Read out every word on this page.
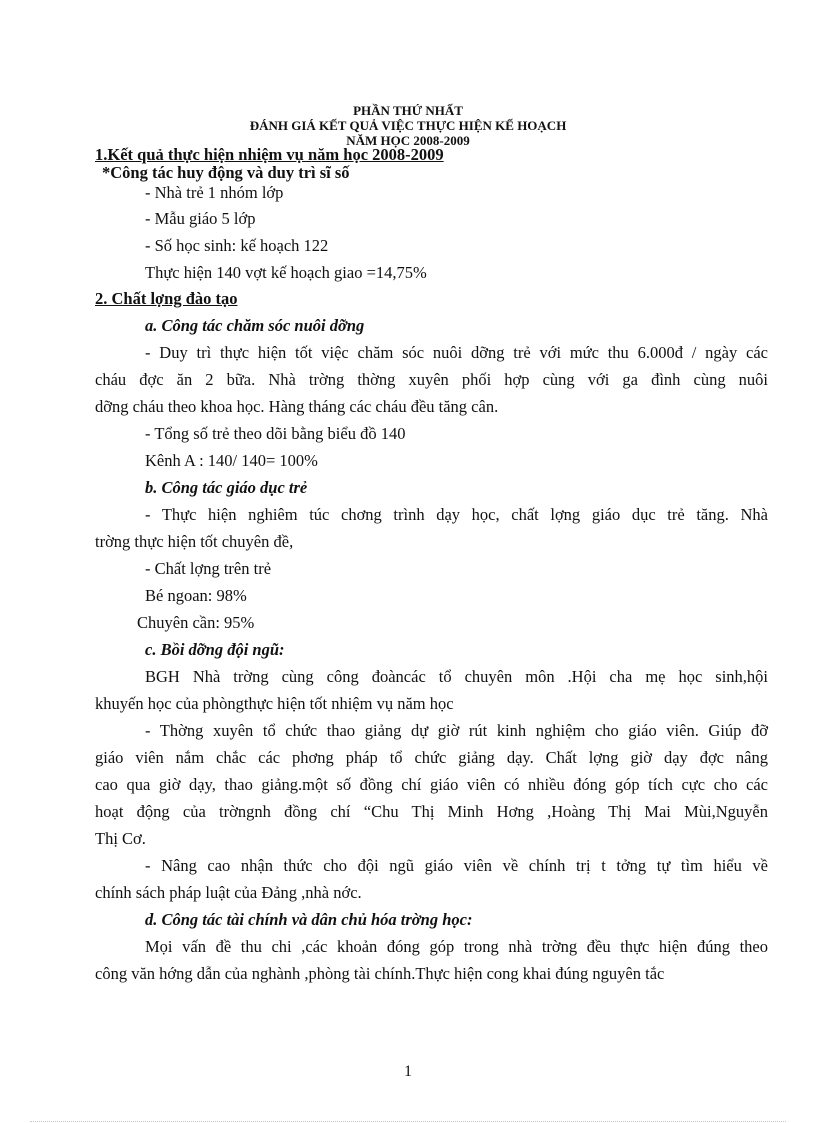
PHẦN THỨ NHẤT
ĐÁNH GIÁ KẾT QUẢ VIỆC THỰC HIỆN KẾ HOẠCH
NĂM HỌC 2008-2009
1.Kết quả thực hiện nhiệm vụ năm học 2008-2009
*Công tác huy động và duy trì sĩ số
- Nhà trẻ 1 nhóm lớp
- Mẫu giáo 5 lớp
- Số học sinh: kế hoạch 122
Thực hiện 140 vợt kế hoạch giao =14,75%
2. Chất lợng đào tạo
a. Công tác chăm sóc nuôi dỡng
- Duy trì thực hiện tốt việc chăm sóc nuôi dỡng trẻ với mức thu 6.000đ / ngày các
cháu đợc ăn 2 bữa. Nhà trờng thờng xuyên phối hợp cùng với ga đình cùng nuôi
dỡng cháu theo khoa học. Hàng tháng các cháu đều tăng cân.
- Tổng số trẻ theo dõi bằng biểu đồ 140
Kênh A : 140/ 140= 100%
b. Công tác giáo dục trẻ
- Thực hiện nghiêm túc chơng trình dạy học, chất lợng giáo dục trẻ tăng. Nhà
trờng thực hiện tốt chuyên đề,
- Chất lợng trên trẻ
Bé ngoan: 98%
Chuyên cần: 95%
c. Bồi dỡng đội ngũ:
BGH Nhà trờng cùng công đoàncác tổ chuyên môn .Hội cha mẹ học sinh,hội
khuyến học của phòngthực hiện tốt nhiệm vụ năm học
- Thờng xuyên tổ chức thao giảng dự giờ rút kinh nghiệm cho giáo viên. Giúp đỡ
giáo viên nắm chắc các phơng pháp tổ chức giảng dạy. Chất lợng giờ dạy đợc nâng
cao qua giờ dạy, thao giảng.một số đồng chí giáo viên có nhiều đóng góp tích cực cho các
hoạt động của trờngnh đồng chí “Chu Thị Minh Hơng ,Hoàng Thị Mai Mùi,Nguyễn
Thị Cơ.
- Nâng cao nhận thức cho đội ngũ giáo viên về chính trị t tởng tự tìm hiểu về
chính sách pháp luật của Đảng ,nhà nớc.
d. Công tác tài chính và dân chủ hóa trờng học:
Mọi vấn đề thu chi ,các khoản đóng góp trong nhà trờng đều thực hiện đúng theo
công văn hớng dẫn của nghành ,phòng tài chính.Thực hiện cong khai đúng nguyên tắc
1
